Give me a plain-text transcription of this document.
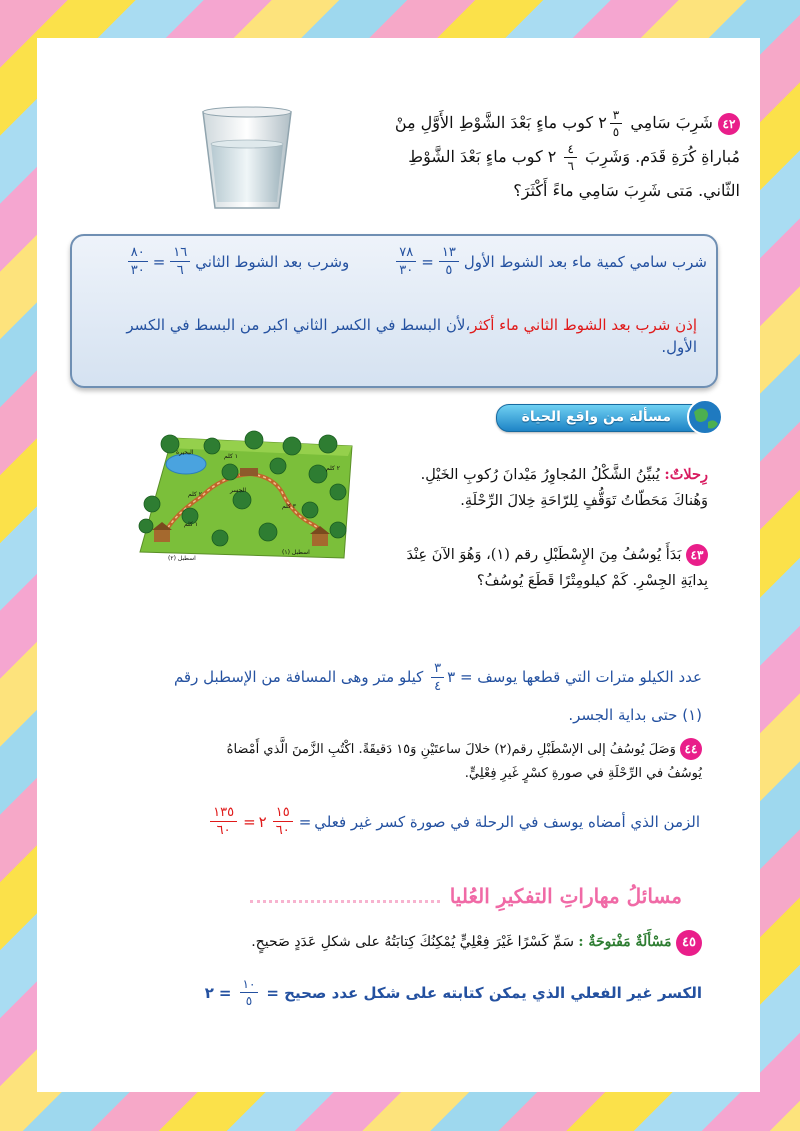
٤٢ شَرِبَ سَامِي
$\frac{٣}{٥}$
٢ كوب ماءٍ بَعْدَ الشَّوْطِ الأَوَّلِ مِنْ
مُباراةِ كُرَةِ قَدَم. وَشَرِبَ
$\frac{٤}{٦}$
٢ كوب ماءٍ بَعْدَ الشَّوْطِ
الثّاني. مَتى شَرِبَ سَامِي ماءً أَكْثَرَ؟
شرب سامي كمية ماء بعد الشوط الأول
$\frac{١٣}{٥}$
=
$\frac{٧٨}{٣٠}$
وشرب بعد الشوط الثاني
$\frac{١٦}{٦}$
=
$\frac{٨٠}{٣٠}$
إذن شرب بعد الشوط الثاني ماء أكثر،لأن البسط في الكسر الثاني اكبر من البسط في الكسر الأول.
مسألة من واقع الحياة
البحيرة
الجسر
اسطبل (١)
اسطبل (٢)
١ كلم
٢ كلم
٣ كلم
١ كلم
٢ كلم	رِحلاتٌ: يُبيِّنُ الشَّكْلُ المُجاوِرُ مَيْدانَ رُكوبِ الخَيْلِ.
وَهُناكَ مَحَطّاتُ تَوَقُّفٍ لِلرّاحَةِ خِلالَ الرِّحْلَةِ.
٤٣ بَدَأَ يُوسُفُ مِنَ الإِسْطَبْلِ رقم (١)، وَهُوَ الآنَ عِنْدَ
بِدايَةِ الجِسْرِ. كَمْ كيلومِتْرًا قَطَعَ يُوسُفُ؟
عدد الكيلو مترات التي قطعها يوسف = ٣
$\frac{٣}{٤}$
كيلو متر وهى المسافة من الإسطبل رقم
(١) حتى بداية الجسر.
٤٤ وَصَلَ يُوسُفُ إلى الإسْطَبْلِ رقم(٢) خلالَ ساعتَيْنِ وَ١٥ دَقيقَةً. اكْتُبِ الزَّمنَ الَّذي أَمْضاهُ
يُوسُفُ في الرِّحْلَةِ في صورةِ كسْرٍ غَيرِ فِعْلِيٍّ.
الزمن الذي أمضاه يوسف في الرحلة في صورة كسر غير فعلي
=
$\frac{١٥}{٦٠}$
٢
=
$\frac{١٣٥}{٦٠}$
مسائلُ مهاراتِ التفكيرِ العُليا
٤٥ مَسْأَلَةٌ مَفْتوحَةٌ : سَمِّ كَسْرًا غَيْرَ فِعْلِيٍّ يُمْكِنُكَ كِتابَتُهُ على شكلِ عَدَدٍ صَحيحٍ.
الكسر غير الفعلي الذي يمكن كتابته على شكل عدد صحيح =
$\frac{١٠}{٥}$
=
٢
